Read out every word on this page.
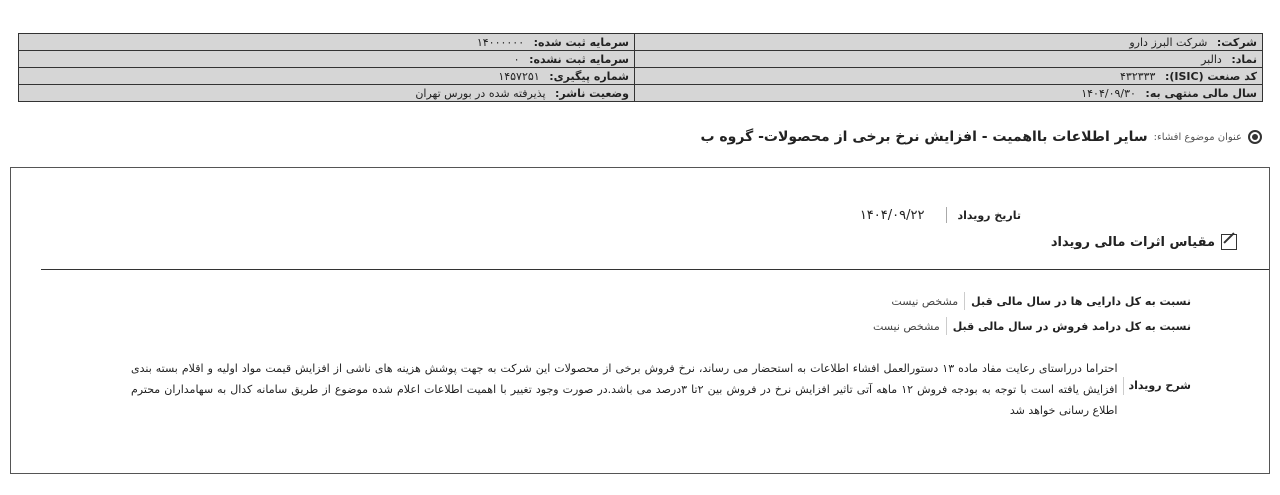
شرکت: شرکت البرز دارو	سرمایه ثبت شده: ۱۴۰۰۰۰۰۰
نماد: دالبر	سرمایه ثبت نشده: ۰
کد صنعت (ISIC): ۴۳۲۳۳۳	شماره پیگیری: ۱۴۵۷۲۵۱
سال مالی منتهی به: ۱۴۰۴/۰۹/۳۰	وضعیت ناشر: پذیرفته شده در بورس تهران
عنوان موضوع افشاء:
سایر اطلاعات بااهمیت - افزایش نرخ برخی از محصولات- گروه ب
تاریخ رویداد
۱۴۰۴/۰۹/۲۲
مقیاس اثرات مالی رویداد
نسبت به کل دارایی ها در سال مالی قبل
مشخص نیست
نسبت به کل درامد فروش در سال مالی قبل
مشخص نیست
شرح رویداد
احتراما درراستای رعایت مفاد ماده ۱۳ دستورالعمل افشاء اطلاعات به استحضار می رساند، نرخ فروش برخی از محصولات این شرکت به جهت پوشش هزینه های ناشی از افزایش قیمت مواد اولیه و اقلام بسته بندی افزایش یافته است با توجه به بودجه فروش ۱۲ ماهه آتی تاثیر افزایش نرخ در فروش بین ۲تا ۳درصد می باشد.در صورت وجود تغییر با اهمیت اطلاعات اعلام شده موضوع از طریق سامانه کدال به سهامداران محترم اطلاع رسانی خواهد شد
